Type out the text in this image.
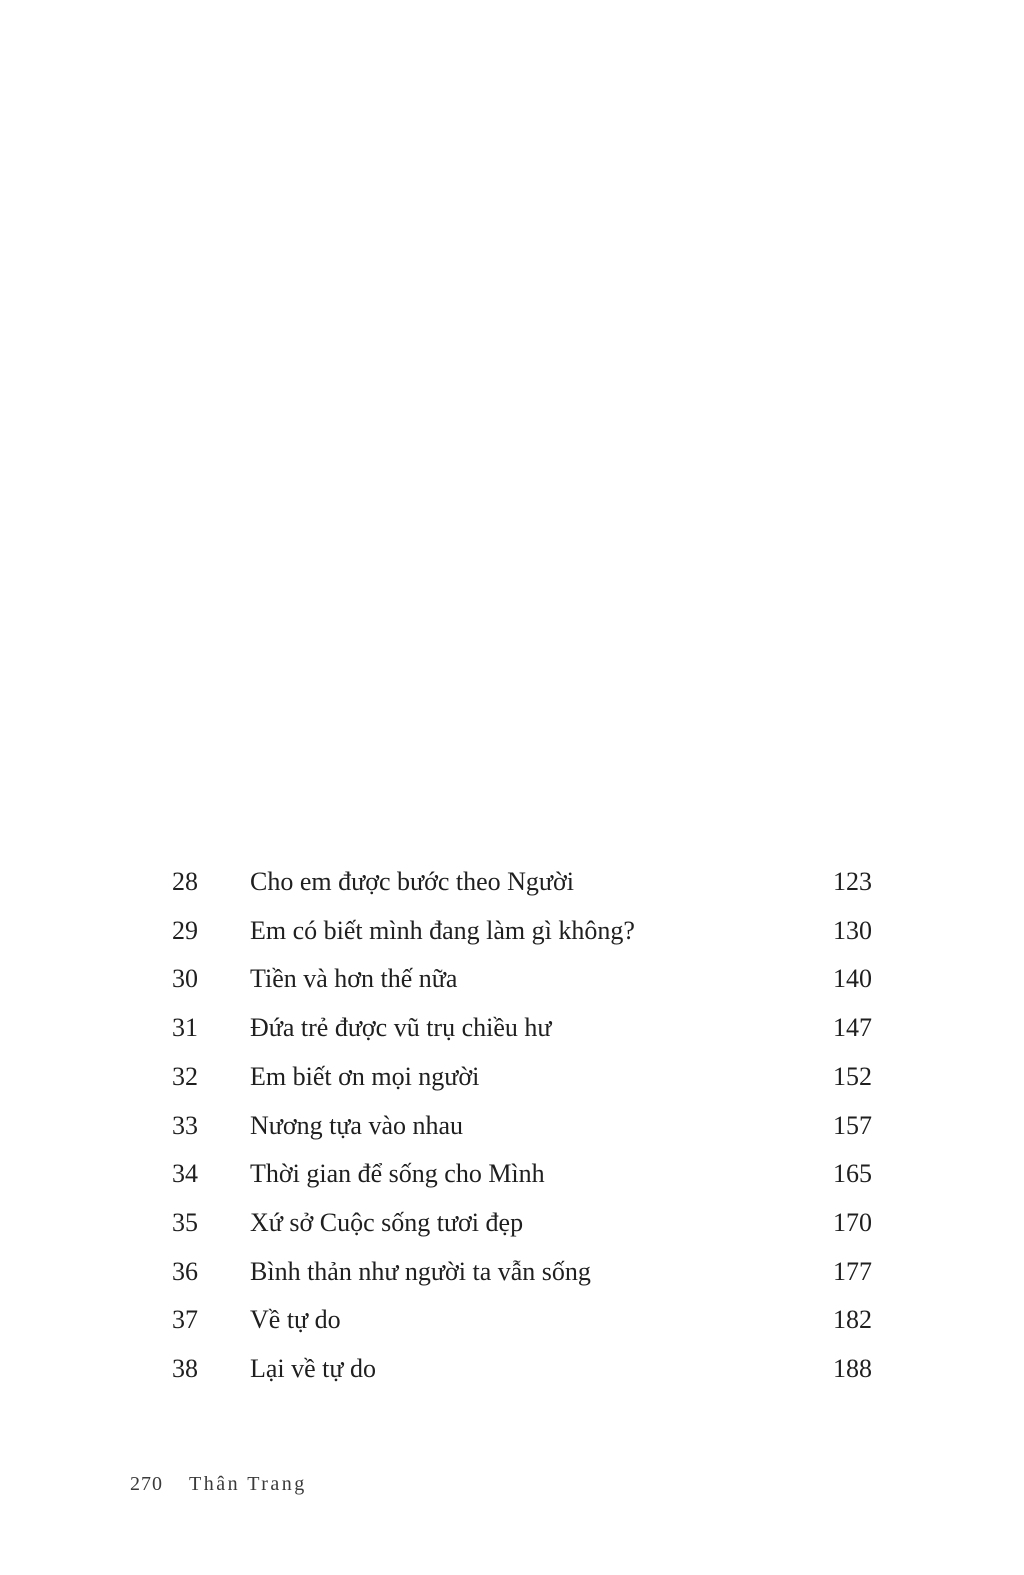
28	Cho em được bước theo Người	123
29	Em có biết mình đang làm gì không?	130
30	Tiền và hơn thế nữa	140
31	Đứa trẻ được vũ trụ chiều hư	147
32	Em biết ơn mọi người	152
33	Nương tựa vào nhau	157
34	Thời gian để sống cho Mình	165
35	Xứ sở Cuộc sống tươi đẹp	170
36	Bình thản như người ta vẫn sống	177
37	Về tự do	182
38	Lại về tự do	188
270 Thân Trang
